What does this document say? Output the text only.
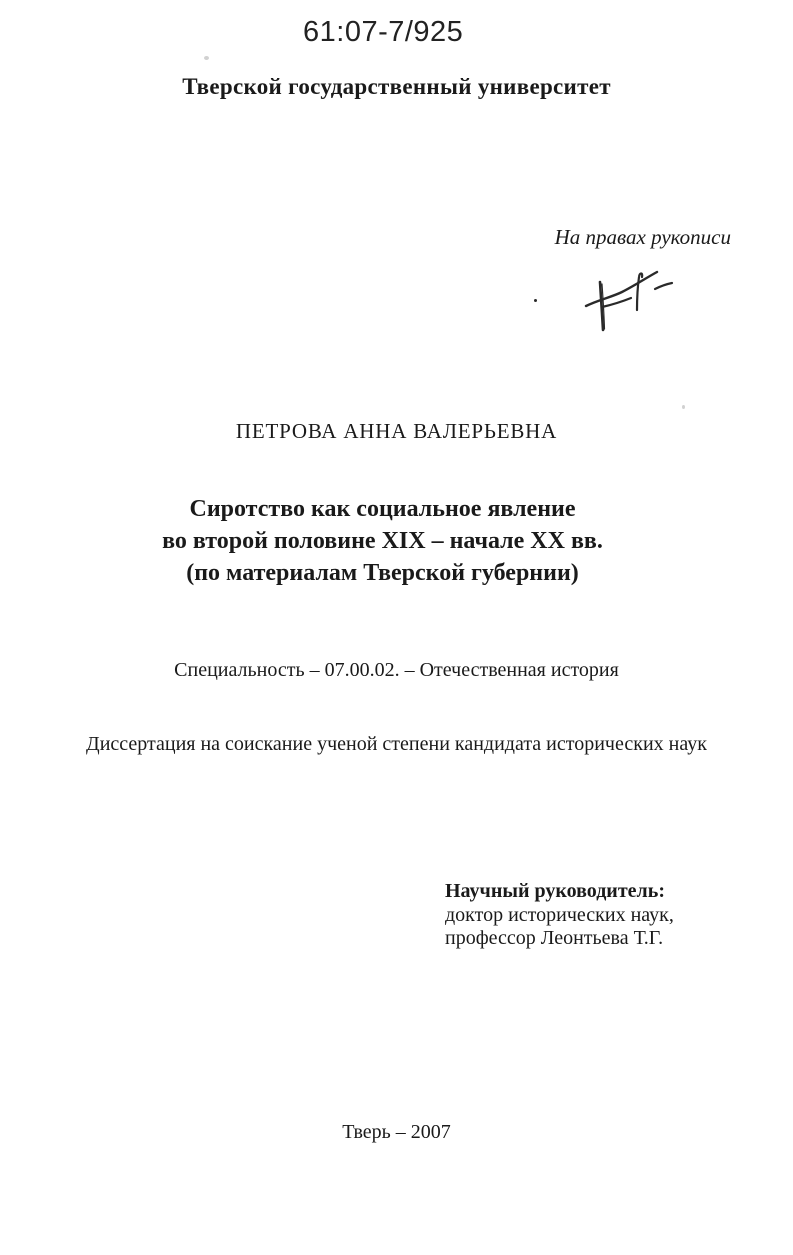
61:07-7/925
Тверской государственный университет
На правах рукописи
ПЕТРОВА АННА ВАЛЕРЬЕВНА
Сиротство как социальное явление
во второй половине XIX – начале XX вв.
(по материалам Тверской губернии)
Специальность – 07.00.02. – Отечественная история
Диссертация на соискание ученой степени кандидата исторических наук
Научный руководитель:
доктор исторических наук,
профессор Леонтьева Т.Г.
Тверь – 2007
